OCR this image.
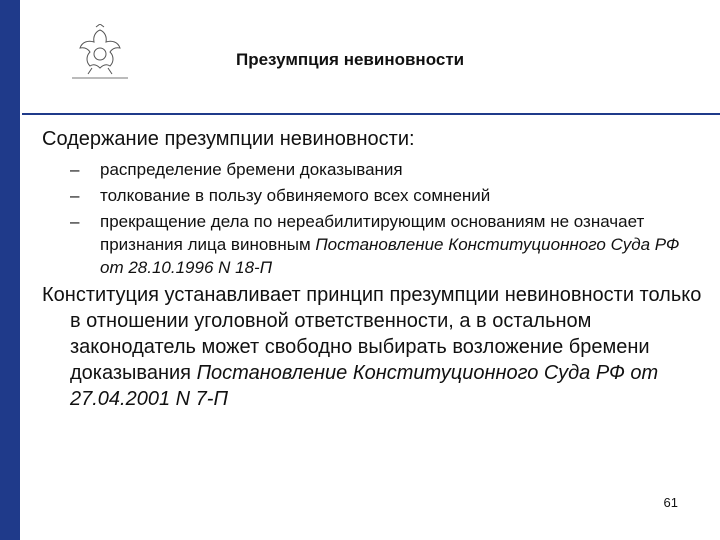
Презумпция невиновности
Содержание презумпции невиновности:
– распределение бремени доказывания
– толкование в пользу обвиняемого всех сомнений
– прекращение дела по нереабилитирующим основаниям не означает признания лица виновным Постановление Конституционного Суда РФ от 28.10.1996 N 18-П
Конституция устанавливает принцип презумпции невиновности только в отношении уголовной ответственности, а в остальном законодатель может свободно выбирать возложение бремени доказывания Постановление Конституционного Суда РФ от 27.04.2001 N 7-П
61
